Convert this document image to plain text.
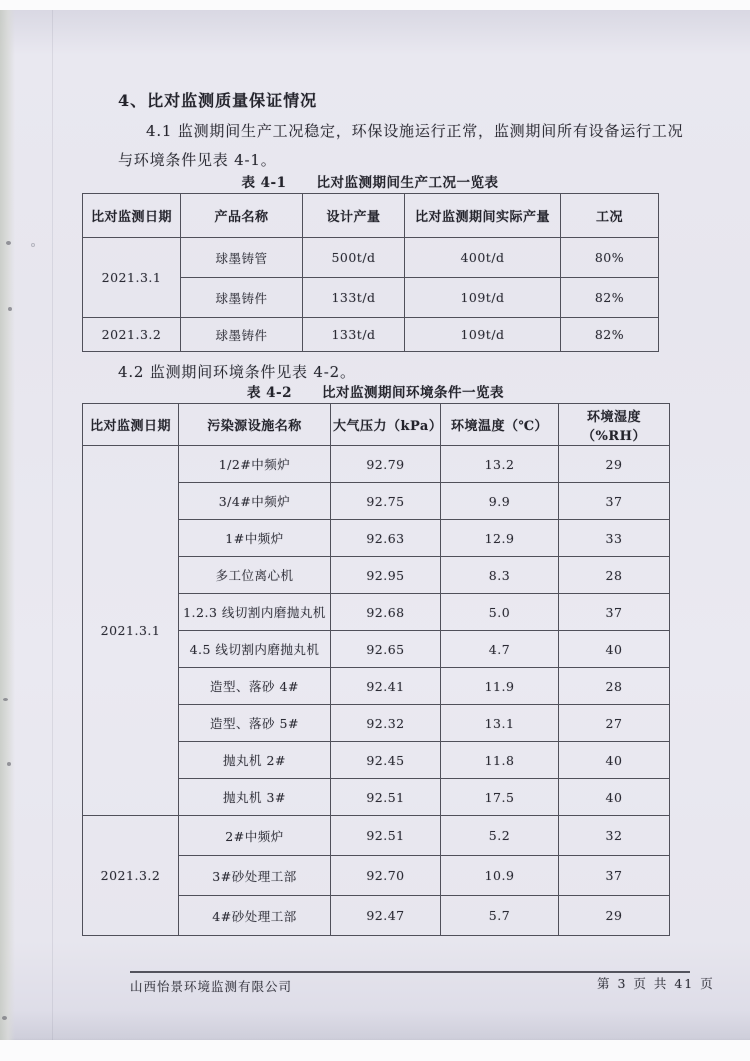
4、比对监测质量保证情况
4.1 监测期间生产工况稳定，环保设施运行正常，监测期间所有设备运行工况
与环境条件见表 4-1。
表 4-1 比对监测期间生产工况一览表
比对监测日期	产品名称	设计产量	比对监测期间实际产量	工况
2021.3.1	球墨铸管	500t/d	400t/d	80%
	球墨铸件	133t/d	109t/d	82%
2021.3.2	球墨铸件	133t/d	109t/d	82%
4.2 监测期间环境条件见表 4-2。
表 4-2 比对监测期间环境条件一览表
比对监测日期	污染源设施名称	大气压力（kPa）	环境温度（℃）	环境湿度（%RH）
2021.3.1	1/2#中频炉	92.79	13.2	29
	3/4#中频炉	92.75	9.9	37
	1#中频炉	92.63	12.9	33
	多工位离心机	92.95	8.3	28
	1.2.3 线切割内磨抛丸机	92.68	5.0	37
	4.5 线切割内磨抛丸机	92.65	4.7	40
	造型、落砂 4#	92.41	11.9	28
	造型、落砂 5#	92.32	13.1	27
	抛丸机 2#	92.45	11.8	40
	抛丸机 3#	92.51	17.5	40
2021.3.2	2#中频炉	92.51	5.2	32
	3#砂处理工部	92.70	10.9	37
	4#砂处理工部	92.47	5.7	29
山西怡景环境监测有限公司	第 3 页 共 41 页
